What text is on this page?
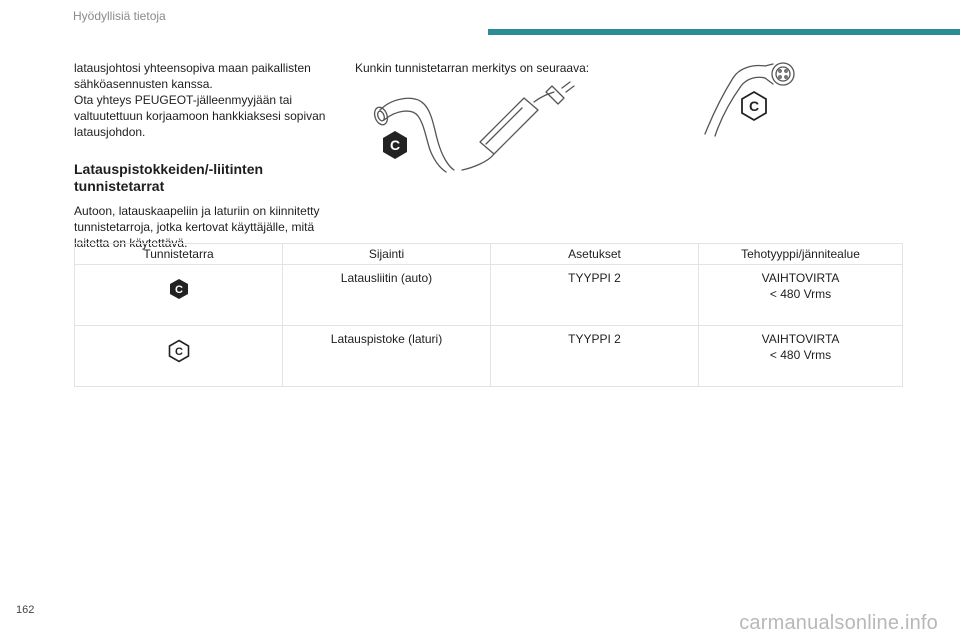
Hyödyllisiä tietoja

latausjohtosi yhteensopiva maan paikallisten sähköasennusten kanssa.

Ota yhteys PEUGEOT-jälleenmyyjään tai valtuutettuun korjaamoon hankkiaksesi sopivan latausjohdon.

Latauspistokkeiden/-liitinten tunnistetarrat

Autoon, latauskaapeliin ja laturiin on kiinnitetty tunnistetarroja, jotka kertovat käyttäjälle, mitä laitetta on käytettävä.

Kunkin tunnistetarran merkitys on seuraava:
C
C
Tunnistetarra	Sijainti	Asetukset	Tehotyyppi/jännitealue

C	Latausliitin (auto)	TYYPPI 2	VAIHTOVIRTA
< 480 Vrms

C	Latauspistoke (laturi)	TYYPPI 2	VAIHTOVIRTA
< 480 Vrms
162
carmanualsonline.info
